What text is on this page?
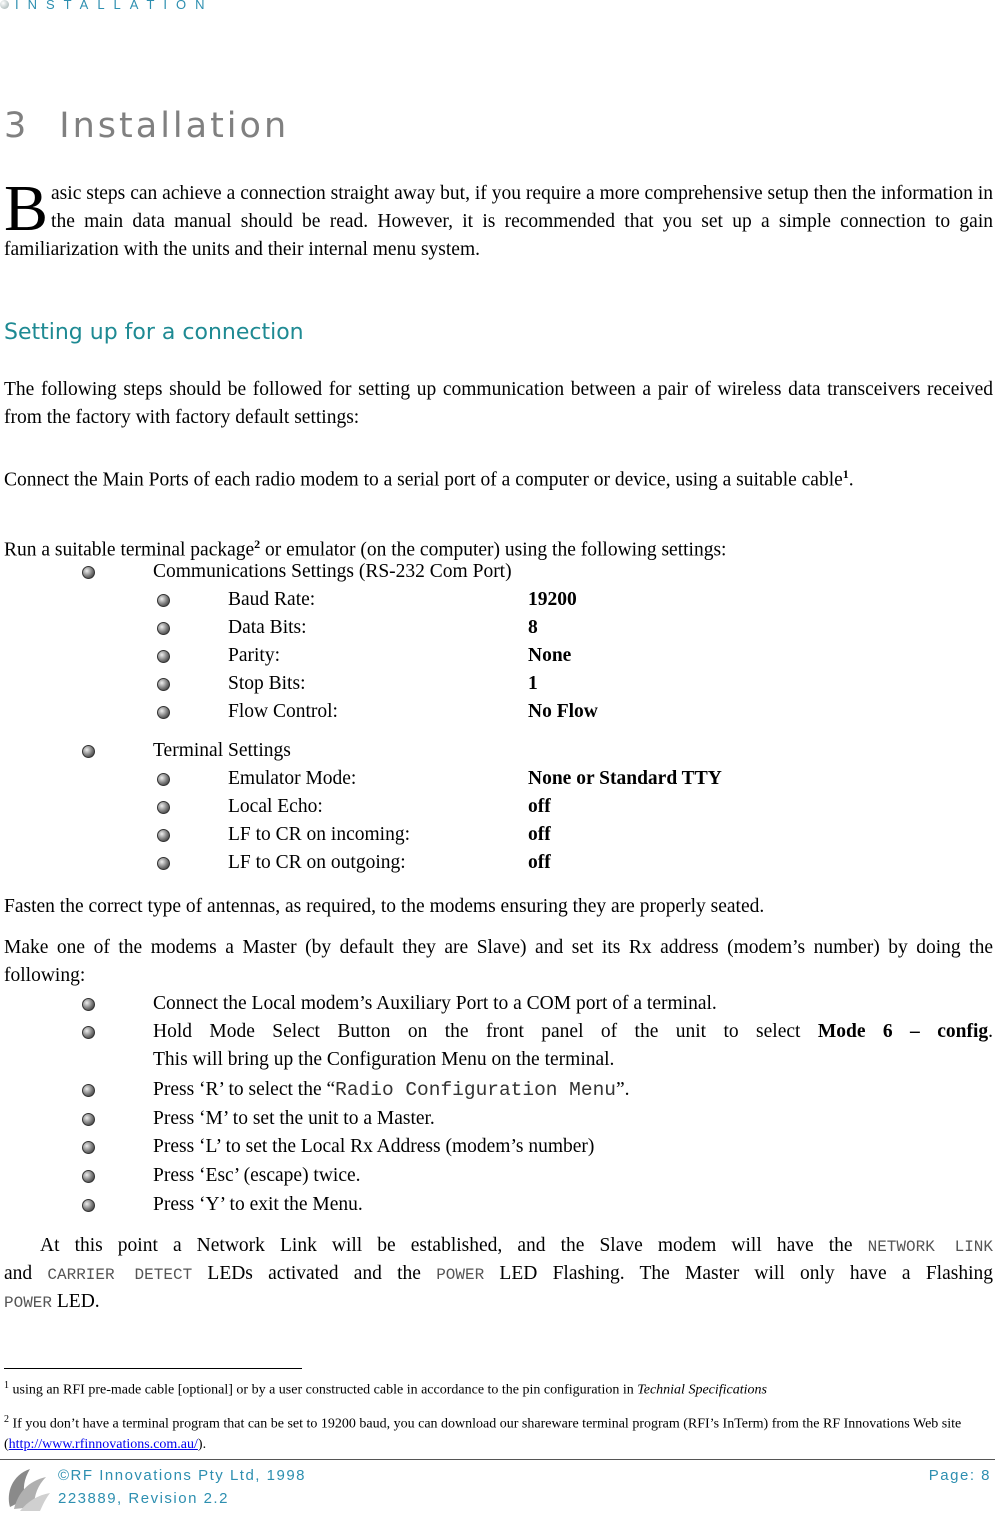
INSTALLATION
3 Installation
Basic steps can achieve a connection straight away but, if you require a more comprehensive setup then the information in the main data manual should be read. However, it is recommended that you set up a simple connection to gain familiarization with the units and their internal menu system.
Setting up for a connection
The following steps should be followed for setting up communication between a pair of wireless data transceivers received from the factory with factory default settings:
Connect the Main Ports of each radio modem to a serial port of a computer or device, using a suitable cable$^1$.
Run a suitable terminal package$^2$ or emulator (on the computer) using the following settings:
Communications Settings (RS-232 Com Port)
Baud Rate:	19200
Data Bits:	8
Parity:	None
Stop Bits:	1
Flow Control:	No Flow
Terminal Settings
Emulator Mode:	None or Standard TTY
Local Echo:	off
LF to CR on incoming:	off
LF to CR on outgoing:	off
Fasten the correct type of antennas, as required, to the modems ensuring they are properly seated.
Make one of the modems a Master (by default they are Slave) and set its Rx address (modem’s number) by doing the following:
Connect the Local modem’s Auxiliary Port to a COM port of a terminal.
Hold Mode Select Button on the front panel of the unit to select Mode 6 – config.
This will bring up the Configuration Menu on the terminal.
Press ‘R’ to select the “Radio Configuration Menu”.
Press ‘M’ to set the unit to a Master.
Press ‘L’ to set the Local Rx Address (modem’s number)
Press ‘Esc’ (escape) twice.
Press ‘Y’ to exit the Menu.
At this point a Network Link will be established, and the Slave modem will have the NETWORK LINK
and CARRIER DETECT LEDs activated and the POWER LED Flashing. The Master will only have a Flashing
POWER LED.
$^1$ using an RFI pre-made cable [optional] or by a user constructed cable in accordance to the pin configuration in Technial Specifications
$^2$ If you don’t have a terminal program that can be set to 19200 baud, you can download our shareware terminal program (RFI’s InTerm) from the RF Innovations Web site (http://www.rfinnovations.com.au/).
©RF Innovations Pty Ltd, 1998
223889, Revision 2.2
Page: 8
